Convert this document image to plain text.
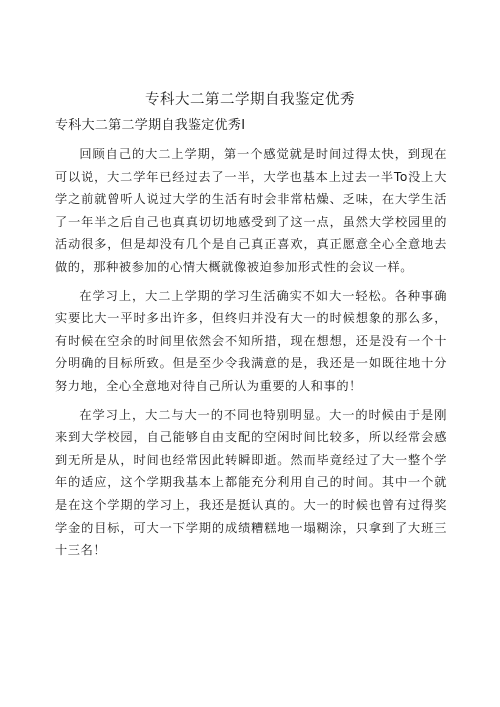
专科大二第二学期自我鉴定优秀
专科大二第二学期自我鉴定优秀Ⅰ

回顾自己的大二上学期，第一个感觉就是时间过得太快，到现在可以说，大二学年已经过去了一半，大学也基本上过去一半To没上大学之前就曾听人说过大学的生活有时会非常枯燥、乏味，在大学生活了一年半之后自己也真真切切地感受到了这一点，虽然大学校园里的活动很多，但是却没有几个是自己真正喜欢，真正愿意全心全意地去做的，那种被参加的心情大概就像被迫参加形式性的会议一样。

在学习上，大二上学期的学习生活确实不如大一轻松。各种事确实要比大一平时多出许多，但终归并没有大一的时候想象的那么多，有时候在空余的时间里依然会不知所措，现在想想，还是没有一个十分明确的目标所致。但是至少令我满意的是，我还是一如既往地十分努力地，全心全意地对待自己所认为重要的人和事的！

在学习上，大二与大一的不同也特别明显。大一的时候由于是刚来到大学校园，自己能够自由支配的空闲时间比较多，所以经常会感到无所是从，时间也经常因此转瞬即逝。然而毕竟经过了大一整个学年的适应，这个学期我基本上都能充分利用自己的时间。其中一个就是在这个学期的学习上，我还是挺认真的。大一的时候也曾有过得奖学金的目标，可大一下学期的成绩糟糕地一塌糊涂，只拿到了大班三十三名！
